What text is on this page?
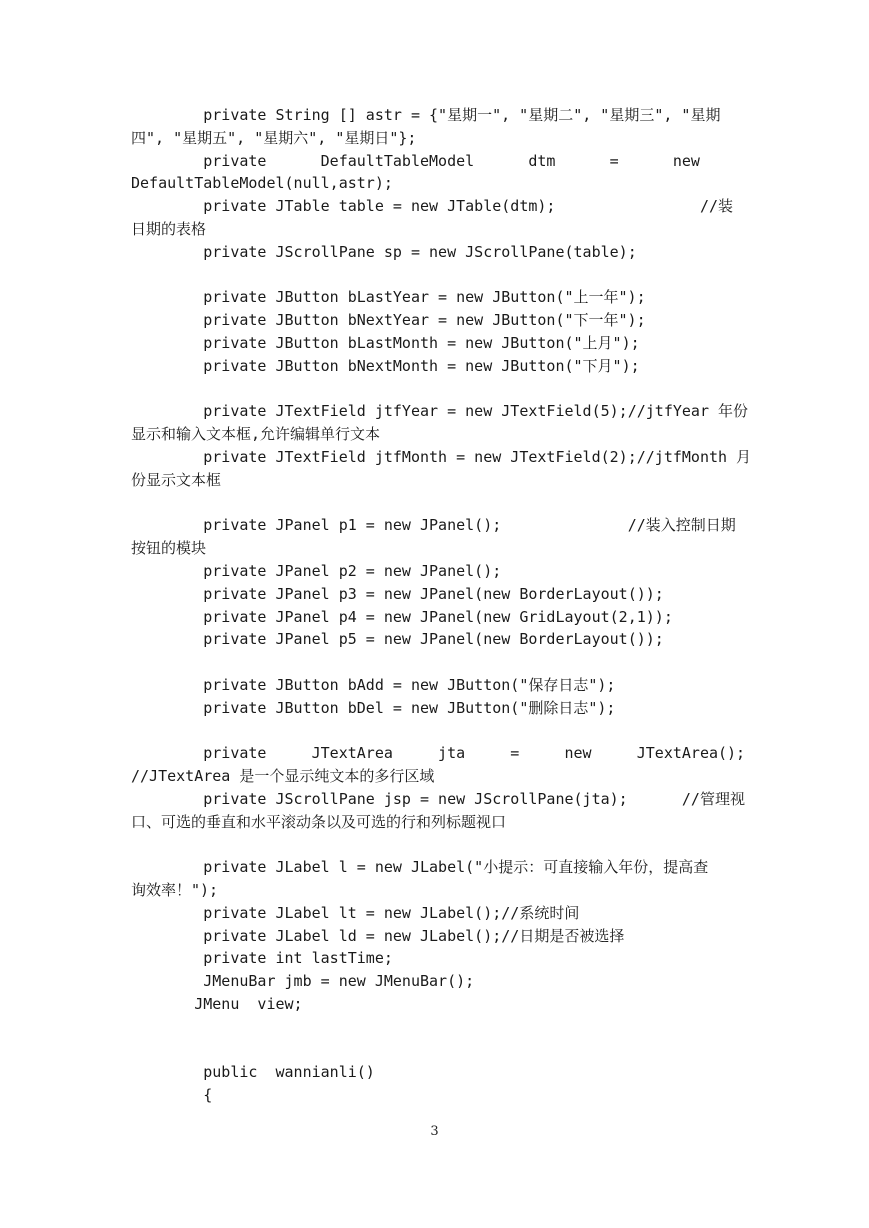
private String [] astr = {"星期一", "星期二", "星期三", "星期
四", "星期五", "星期六", "星期日"};
private      DefaultTableModel      dtm      =      new
DefaultTableModel(null,astr);
private JTable table = new JTable(dtm);                //装
日期的表格
private JScrollPane sp = new JScrollPane(table);
private JButton bLastYear = new JButton("上一年");
private JButton bNextYear = new JButton("下一年");
private JButton bLastMonth = new JButton("上月");
private JButton bNextMonth = new JButton("下月");
private JTextField jtfYear = new JTextField(5);//jtfYear 年份
显示和输入文本框,允许编辑单行文本
private JTextField jtfMonth = new JTextField(2);//jtfMonth 月
份显示文本框
private JPanel p1 = new JPanel();              //装入控制日期
按钮的模块
private JPanel p2 = new JPanel();
private JPanel p3 = new JPanel(new BorderLayout());
private JPanel p4 = new JPanel(new GridLayout(2,1));
private JPanel p5 = new JPanel(new BorderLayout());
private JButton bAdd = new JButton("保存日志");
private JButton bDel = new JButton("删除日志");
private     JTextArea     jta     =     new     JTextArea();
//JTextArea 是一个显示纯文本的多行区域
private JScrollPane jsp = new JScrollPane(jta);      //管理视
口、可选的垂直和水平滚动条以及可选的行和列标题视口
private JLabel l = new JLabel("小提示：可直接输入年份，提高查
询效率！");
private JLabel lt = new JLabel();//系统时间
private JLabel ld = new JLabel();//日期是否被选择
private int lastTime;
JMenuBar jmb = new JMenuBar();
JMenu  view;
public  wannianli()
{
3
